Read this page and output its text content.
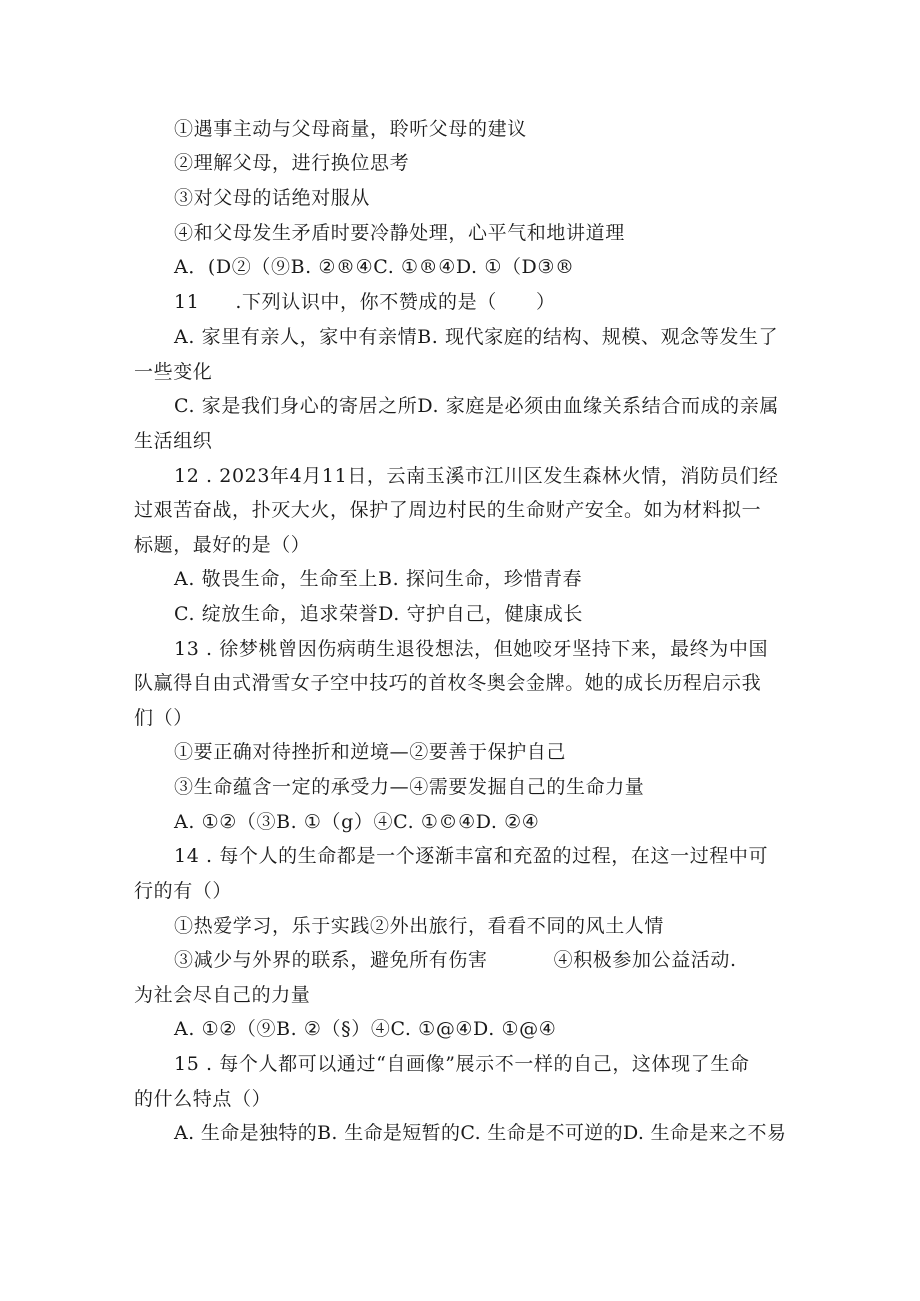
①遇事主动与父母商量，聆听父母的建议
②理解父母，进行换位思考
③对父母的话绝对服从
④和父母发生矛盾时要冷静处理，心平气和地讲道理
A．(D②（⑨B. ②®④C. ①®④D. ①（D③®
11 .下列认识中，你不赞成的是（　　）
A. 家里有亲人，家中有亲情B. 现代家庭的结构、规模、观念等发生了
一些变化
C. 家是我们身心的寄居之所D. 家庭是必须由血缘关系结合而成的亲属
生活组织
12 . 2023年4月11日，云南玉溪市江川区发生森林火情，消防员们经
过艰苦奋战，扑灭大火，保护了周边村民的生命财产安全。如为材料拟一
标题，最好的是（）
A. 敬畏生命，生命至上B. 探问生命，珍惜青春
C. 绽放生命，追求荣誉D. 守护自己，健康成长
13 . 徐梦桃曾因伤病萌生退役想法，但她咬牙坚持下来，最终为中国
队赢得自由式滑雪女子空中技巧的首枚冬奥会金牌。她的成长历程启示我
们（）
①要正确对待挫折和逆境—②要善于保护自己
③生命蕴含一定的承受力—④需要发掘自己的生命力量
A. ①②（③B. ①（g）④C. ①©④D. ②④
14 . 每个人的生命都是一个逐渐丰富和充盈的过程，在这一过程中可
行的有（）
①热爱学习，乐于实践②外出旅行，看看不同的风土人情
③减少与外界的联系，避免所有伤害	④积极参加公益活动.
为社会尽自己的力量
A. ①②（⑨B. ②（§）④C. ①@④D. ①@④
15 . 每个人都可以通过“自画像”展示不一样的自己，这体现了生命
的什么特点（）
A. 生命是独特的B. 生命是短暂的C. 生命是不可逆的D. 生命是来之不易
